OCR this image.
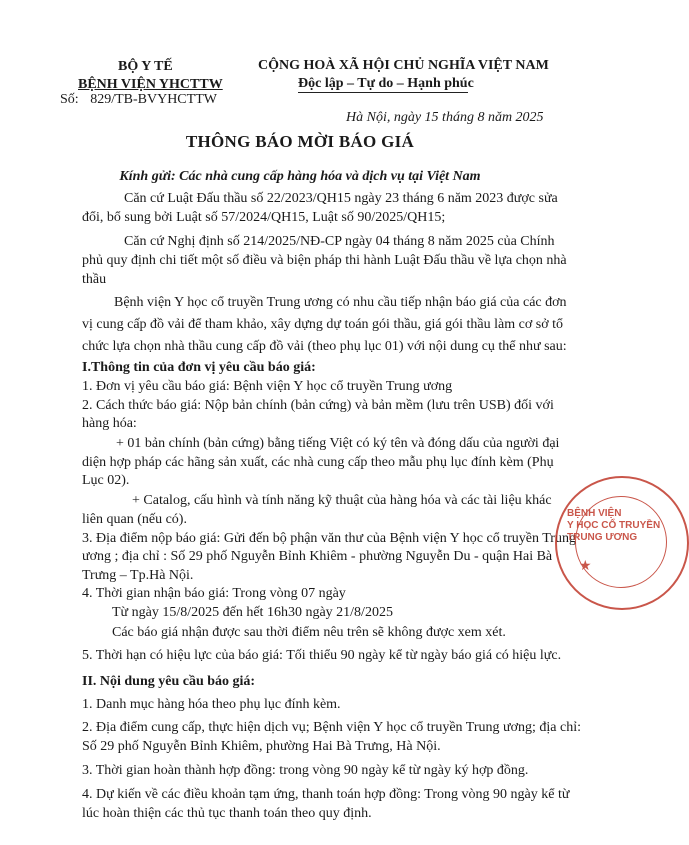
BỘ Y TẾ
BỆNH VIỆN YHCTTW
Số: 829/TB-BVYHCTTW
CỘNG HOÀ XÃ HỘI CHỦ NGHĨA VIỆT NAM
Độc lập – Tự do – Hạnh phúc
Hà Nội, ngày 15 tháng 8 năm 2025
THÔNG BÁO MỜI BÁO GIÁ
Kính gửi: Các nhà cung cấp hàng hóa và dịch vụ tại Việt Nam
Căn cứ Luật Đấu thầu số 22/2023/QH15 ngày 23 tháng 6 năm 2023 được sửa
đổi, bổ sung bởi Luật số 57/2024/QH15, Luật số 90/2025/QH15;
Căn cứ Nghị định số 214/2025/NĐ-CP ngày 04 tháng 8 năm 2025 của Chính
phủ quy định chi tiết một số điều và biện pháp thi hành Luật Đấu thầu về lựa chọn nhà
thầu
Bệnh viện Y học cổ truyền Trung ương có nhu cầu tiếp nhận báo giá của các đơn
vị cung cấp đồ vải để tham khảo, xây dựng dự toán gói thầu, giá gói thầu làm cơ sở tổ
chức lựa chọn nhà thầu cung cấp đồ vải (theo phụ lục 01) với nội dung cụ thể như sau:
I.Thông tin của đơn vị yêu cầu báo giá:
1. Đơn vị yêu cầu báo giá: Bệnh viện Y học cổ truyền Trung ương
2. Cách thức báo giá: Nộp bản chính (bản cứng) và bản mềm (lưu trên USB) đối với
hàng hóa:
+ 01 bản chính (bản cứng) bằng tiếng Việt có ký tên và đóng dấu của người đại
diện hợp pháp các hãng sản xuất, các nhà cung cấp theo mẫu phụ lục đính kèm (Phụ
Lục 02).
+ Catalog, cấu hình và tính năng kỹ thuật của hàng hóa và các tài liệu khác
liên quan (nếu có).
3. Địa điểm nộp báo giá: Gửi đến bộ phận văn thư của Bệnh viện Y học cổ truyền Trung
ương ; địa chỉ : Số 29 phố Nguyễn Bỉnh Khiêm - phường Nguyễn Du - quận Hai Bà
Trưng – Tp.Hà Nội.
4. Thời gian nhận báo giá: Trong vòng 07 ngày
Từ ngày 15/8/2025 đến hết 16h30 ngày 21/8/2025
Các báo giá nhận được sau thời điểm nêu trên sẽ không được xem xét.
5. Thời hạn có hiệu lực của báo giá: Tối thiểu 90 ngày kể từ ngày báo giá có hiệu lực.
II. Nội dung yêu cầu báo giá:
1. Danh mục hàng hóa theo phụ lục đính kèm.
2. Địa điểm cung cấp, thực hiện dịch vụ; Bệnh viện Y học cổ truyền Trung ương; địa chỉ:
Số 29 phố Nguyễn Bỉnh Khiêm, phường Hai Bà Trưng, Hà Nội.
3. Thời gian hoàn thành hợp đồng: trong vòng 90 ngày kể từ ngày ký hợp đồng.
4. Dự kiến về các điều khoản tạm ứng, thanh toán hợp đồng: Trong vòng 90 ngày kể từ
lúc hoàn thiện các thủ tục thanh toán theo quy định.
BỆNH VIỆN
Y HỌC CỔ TRUYỀN
TRUNG ƯƠNG
★
